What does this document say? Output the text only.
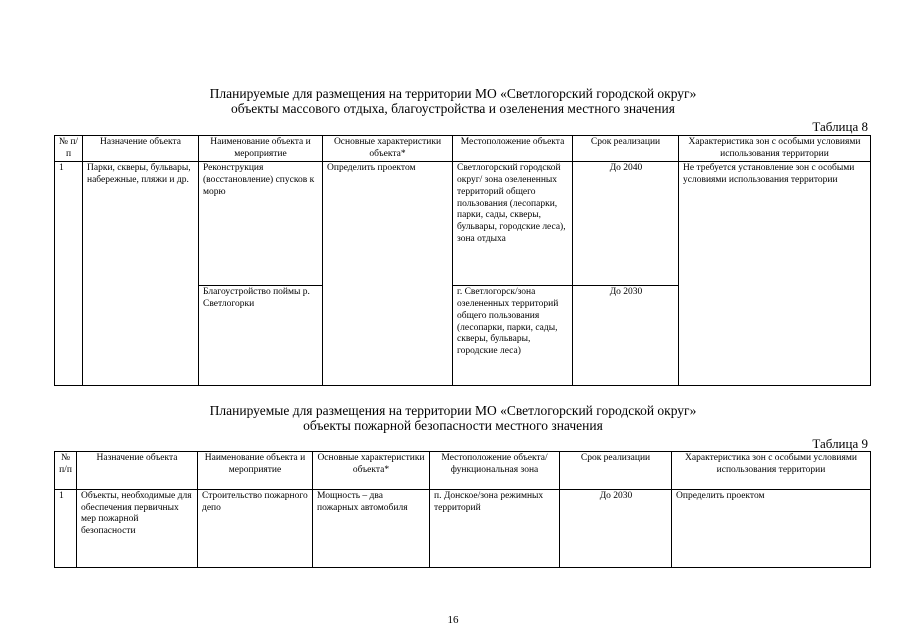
Планируемые для размещения на территории МО «Светлогорский городской округ»
объекты массового отдыха, благоустройства и озеленения местного значения
Таблица 8
№ п/п	Назначение объекта	Наименование объекта и мероприятие	Основные характеристики объекта*	Местоположение объекта	Срок реализации	Характеристика зон с особыми условиями использования территории
1	Парки, скверы, бульвары, набережные, пляжи и др.	Реконструкция (восстановление) спусков к морю	Определить проектом	Светлогорский городской округ/ зона озелененных территорий общего пользования (лесопарки, парки, сады, скверы, бульвары, городские леса), зона отдыха	До 2040	Не требуется установление зон с особыми условиями использования территории
		Благоустройство поймы р. Светлогорки		г. Светлогорск/зона озелененных территорий общего пользования (лесопарки, парки, сады, скверы, бульвары, городские леса)	До 2030	
Планируемые для размещения на территории МО «Светлогорский городской округ»
объекты пожарной безопасности местного значения
Таблица 9
№ п/п	Назначение объекта	Наименование объекта и мероприятие	Основные характеристики объекта*	Местоположение объекта/функциональная зона	Срок реализации	Характеристика зон с особыми условиями использования территории
1	Объекты, необходимые для обеспечения первичных мер пожарной безопасности	Строительство пожарного депо	Мощность – два пожарных автомобиля	п. Донское/зона режимных территорий	До 2030	Определить проектом
16
